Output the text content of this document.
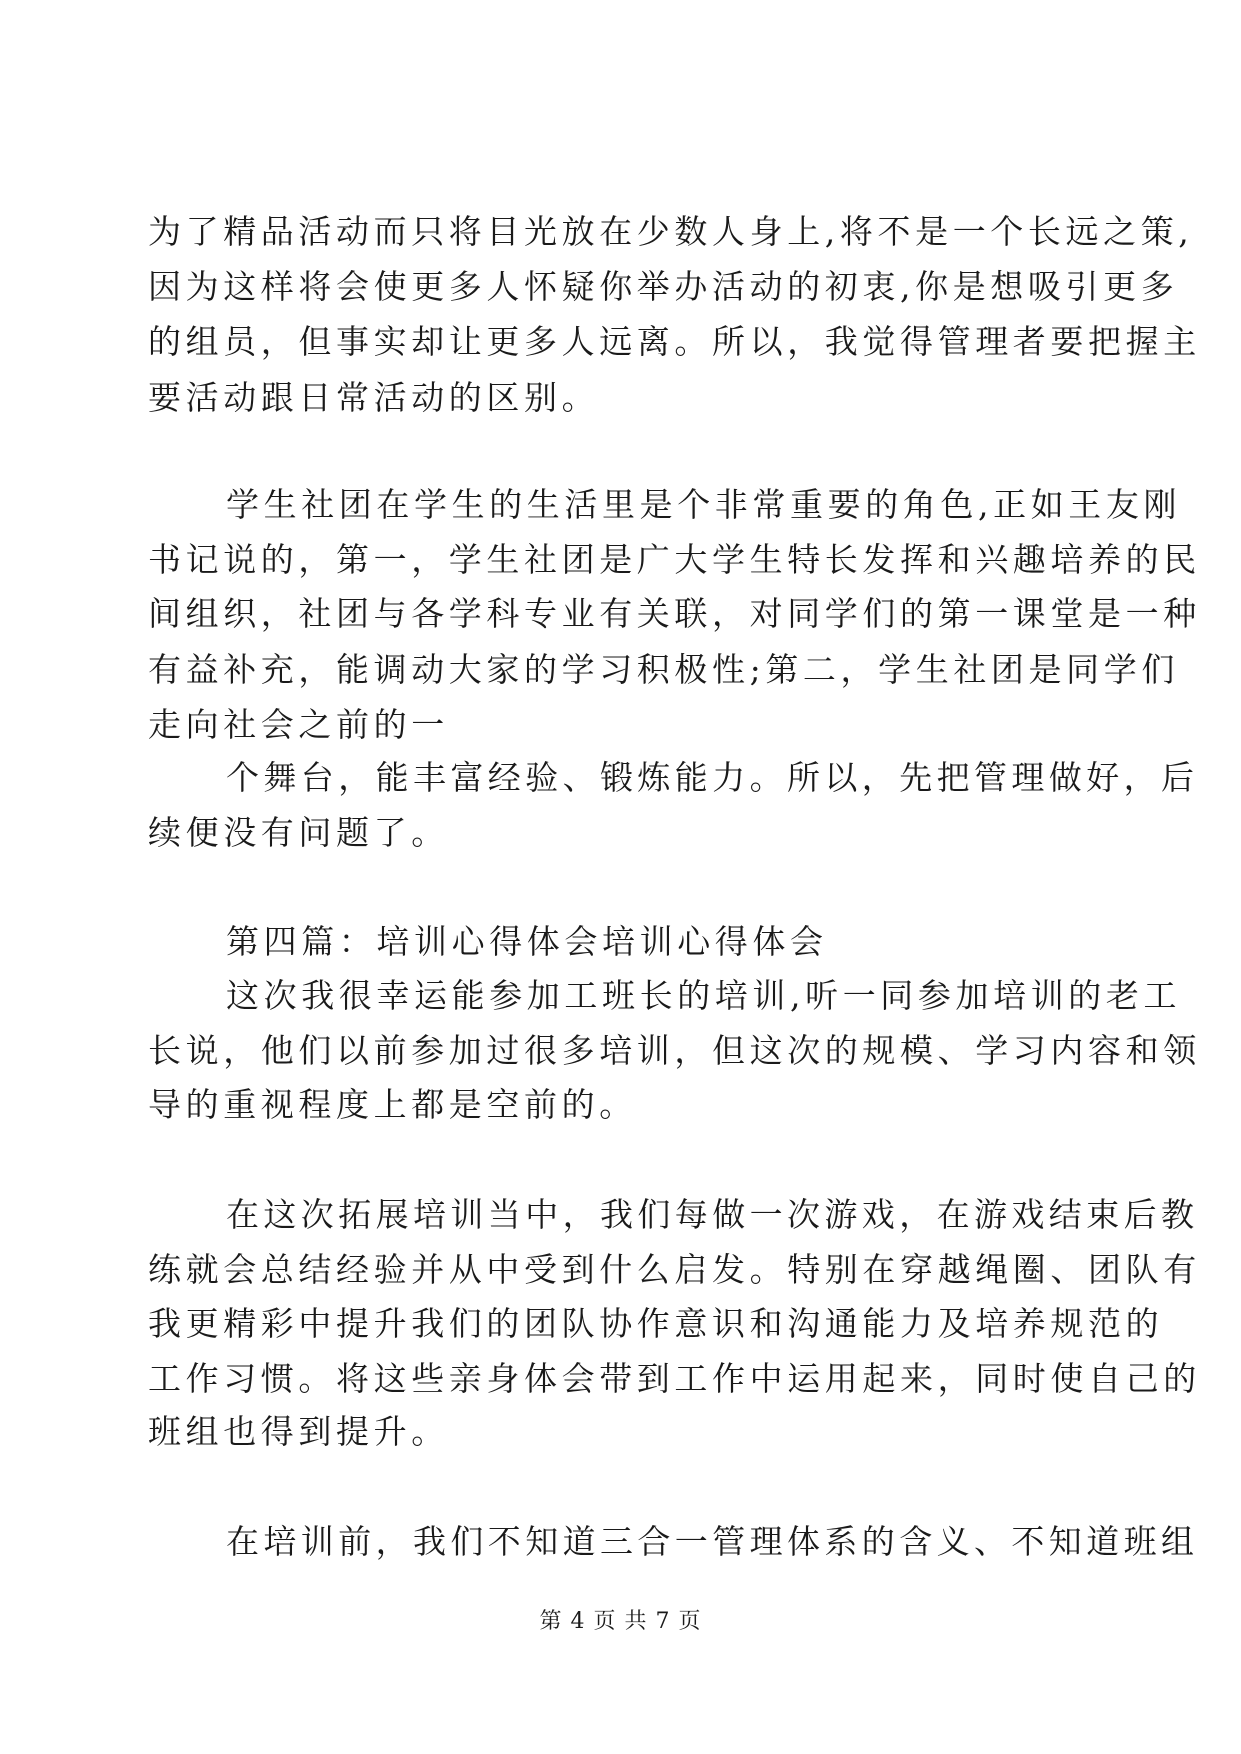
为了精品活动而只将目光放在少数人身上,将不是一个长远之策,
因为这样将会使更多人怀疑你举办活动的初衷,你是想吸引更多
的组员，但事实却让更多人远离。所以，我觉得管理者要把握主
要活动跟日常活动的区别。
学生社团在学生的生活里是个非常重要的角色,正如王友刚
书记说的，第一，学生社团是广大学生特长发挥和兴趣培养的民
间组织，社团与各学科专业有关联，对同学们的第一课堂是一种
有益补充，能调动大家的学习积极性;第二，学生社团是同学们
走向社会之前的一
个舞台，能丰富经验、锻炼能力。所以，先把管理做好，后
续便没有问题了。
第四篇：培训心得体会培训心得体会
这次我很幸运能参加工班长的培训,听一同参加培训的老工
长说，他们以前参加过很多培训，但这次的规模、学习内容和领
导的重视程度上都是空前的。
在这次拓展培训当中，我们每做一次游戏，在游戏结束后教
练就会总结经验并从中受到什么启发。特别在穿越绳圈、团队有
我更精彩中提升我们的团队协作意识和沟通能力及培养规范的
工作习惯。将这些亲身体会带到工作中运用起来，同时使自己的
班组也得到提升。
在培训前，我们不知道三合一管理体系的含义、不知道班组
第 4 页 共 7 页
